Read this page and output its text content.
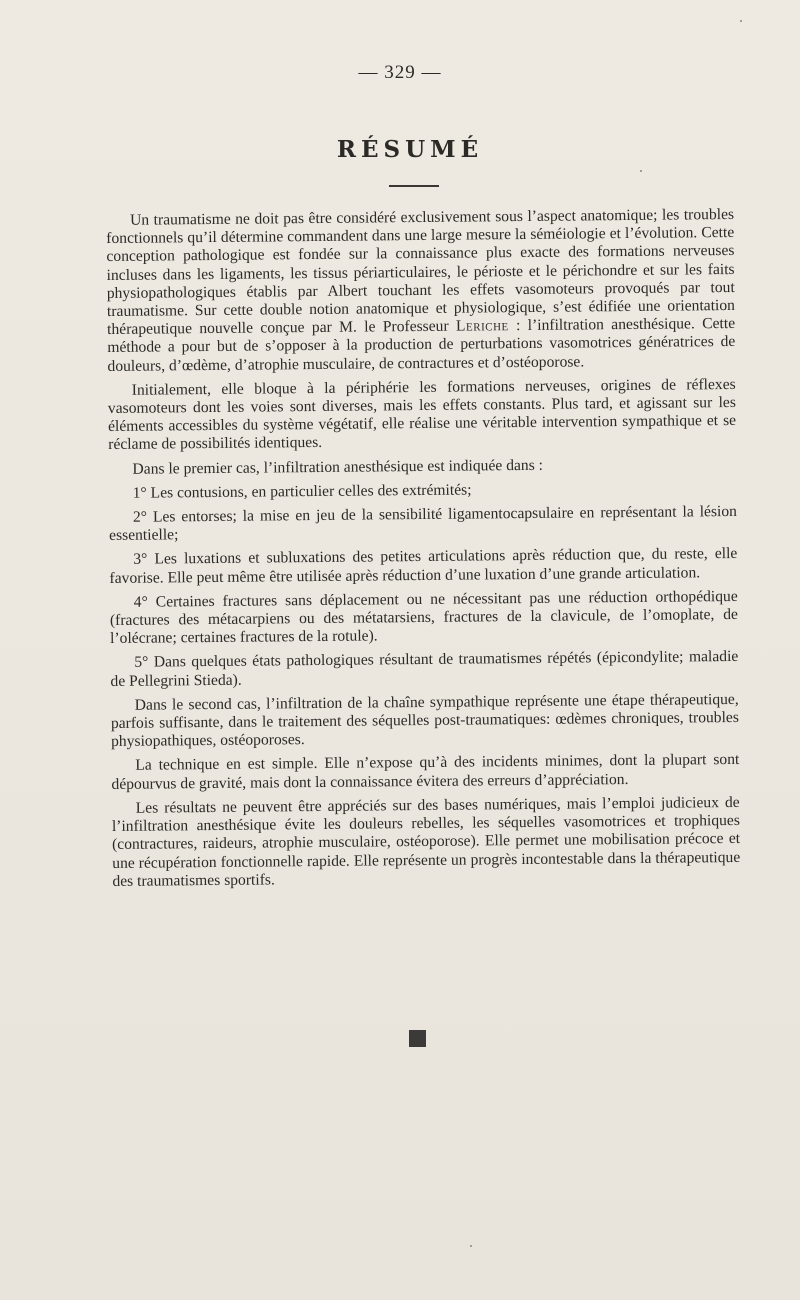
— 329 —
RÉSUMÉ

Un traumatisme ne doit pas être considéré exclusivement sous l’aspect anatomique; les troubles fonctionnels qu’il détermine commandent dans une large mesure la séméiologie et l’évolution. Cette conception pathologique est fondée sur la connaissance plus exacte des formations nerveuses incluses dans les ligaments, les tissus périarticulaires, le périoste et le périchondre et sur les faits physiopathologiques établis par Albert touchant les effets vasomoteurs provoqués par tout traumatisme. Sur cette double notion anatomique et physiologique, s’est édifiée une orientation thérapeutique nouvelle conçue par M. le Professeur Leriche : l’infiltration anesthésique. Cette méthode a pour but de s’opposer à la production de perturbations vasomotrices génératrices de douleurs, d’œdème, d’atrophie musculaire, de contractures et d’ostéoporose.

Initialement, elle bloque à la périphérie les formations nerveuses, origines de réflexes vasomoteurs dont les voies sont diverses, mais les effets constants. Plus tard, et agissant sur les éléments accessibles du système végétatif, elle réalise une véritable intervention sympathique et se réclame de possibilités identiques.

Dans le premier cas, l’infiltration anesthésique est indiquée dans :

1° Les contusions, en particulier celles des extrémités;

2° Les entorses; la mise en jeu de la sensibilité ligamentocapsulaire en représentant la lésion essentielle;

3° Les luxations et subluxations des petites articulations après réduction que, du reste, elle favorise. Elle peut même être utilisée après réduction d’une luxation d’une grande articulation.

4° Certaines fractures sans déplacement ou ne nécessitant pas une réduction orthopédique (fractures des métacarpiens ou des métatarsiens, fractures de la clavicule, de l’omoplate, de l’olécrane; certaines fractures de la rotule).

5° Dans quelques états pathologiques résultant de traumatismes répétés (épicondylite; maladie de Pellegrini Stieda).

Dans le second cas, l’infiltration de la chaîne sympathique représente une étape thérapeutique, parfois suffisante, dans le traitement des séquelles post-traumatiques: œdèmes chroniques, troubles physiopathiques, ostéoporoses.

La technique en est simple. Elle n’expose qu’à des incidents minimes, dont la plupart sont dépourvus de gravité, mais dont la connaissance évitera des erreurs d’appréciation.

Les résultats ne peuvent être appréciés sur des bases numériques, mais l’emploi judicieux de l’infiltration anesthésique évite les douleurs rebelles, les séquelles vasomotrices et trophiques (contractures, raideurs, atrophie musculaire, ostéoporose). Elle permet une mobilisation précoce et une récupération fonctionnelle rapide. Elle représente un progrès incontestable dans la thérapeutique des traumatismes sportifs.
